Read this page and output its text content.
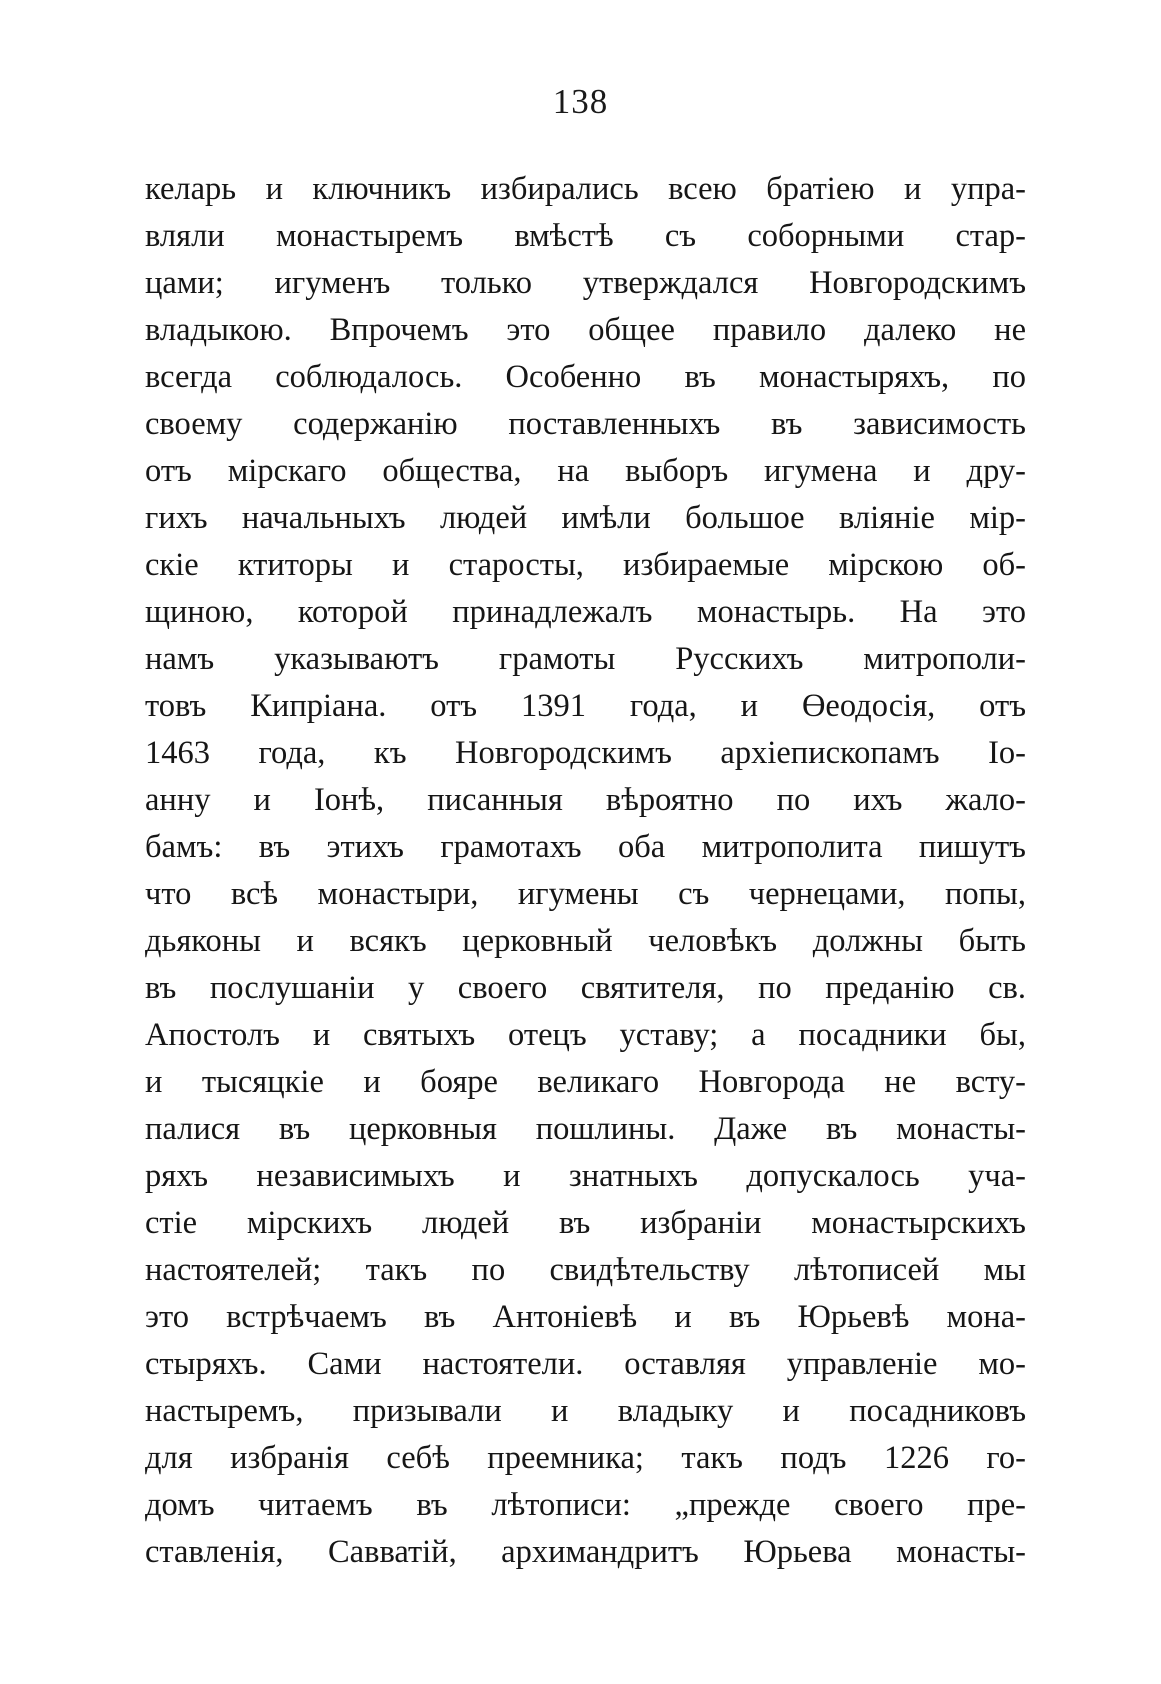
138
келарь и ключникъ избирались всею братіею и упра-
вляли монастыремъ вмѣстѣ съ соборными стар-
цами; игуменъ только утверждался Новгородскимъ
владыкою. Впрочемъ это общее правило далеко не
всегда соблюдалось. Особенно въ монастыряхъ, по
своему содержанію поставленныхъ въ зависимость
отъ мірскаго общества, на выборъ игумена и дру-
гихъ начальныхъ людей имѣли большое вліяніе мір-
скіе ктиторы и старосты, избираемые мірскою об-
щиною, которой принадлежалъ монастырь. На это
намъ указываютъ грамоты Русскихъ митрополи-
товъ Кипріана. отъ 1391 года, и Өеодосія, отъ
1463 года, къ Новгородскимъ архіепископамъ Іо-
анну и Іонѣ, писанныя вѣроятно по ихъ жало-
бамъ: въ этихъ грамотахъ оба митрополита пишутъ
что всѣ монастыри, игумены съ чернецами, попы,
дьяконы и всякъ церковный человѣкъ должны быть
въ послушаніи у своего святителя, по преданію св.
Апостолъ и святыхъ отецъ уставу; а посадники бы,
и тысяцкіе и бояре великаго Новгорода не всту-
палися въ церковныя пошлины. Даже въ монасты-
ряхъ независимыхъ и знатныхъ допускалось уча-
стіе мірскихъ людей въ избраніи монастырскихъ
настоятелей; такъ по свидѣтельству лѣтописей мы
это встрѣчаемъ въ Антоніевѣ и въ Юрьевѣ мона-
стыряхъ. Сами настоятели. оставляя управленіе мо-
настыремъ, призывали и владыку и посадниковъ
для избранія себѣ преемника; такъ подъ 1226 го-
домъ читаемъ въ лѣтописи: „прежде своего пре-
ставленія, Савватій, архимандритъ Юрьева монасты-
